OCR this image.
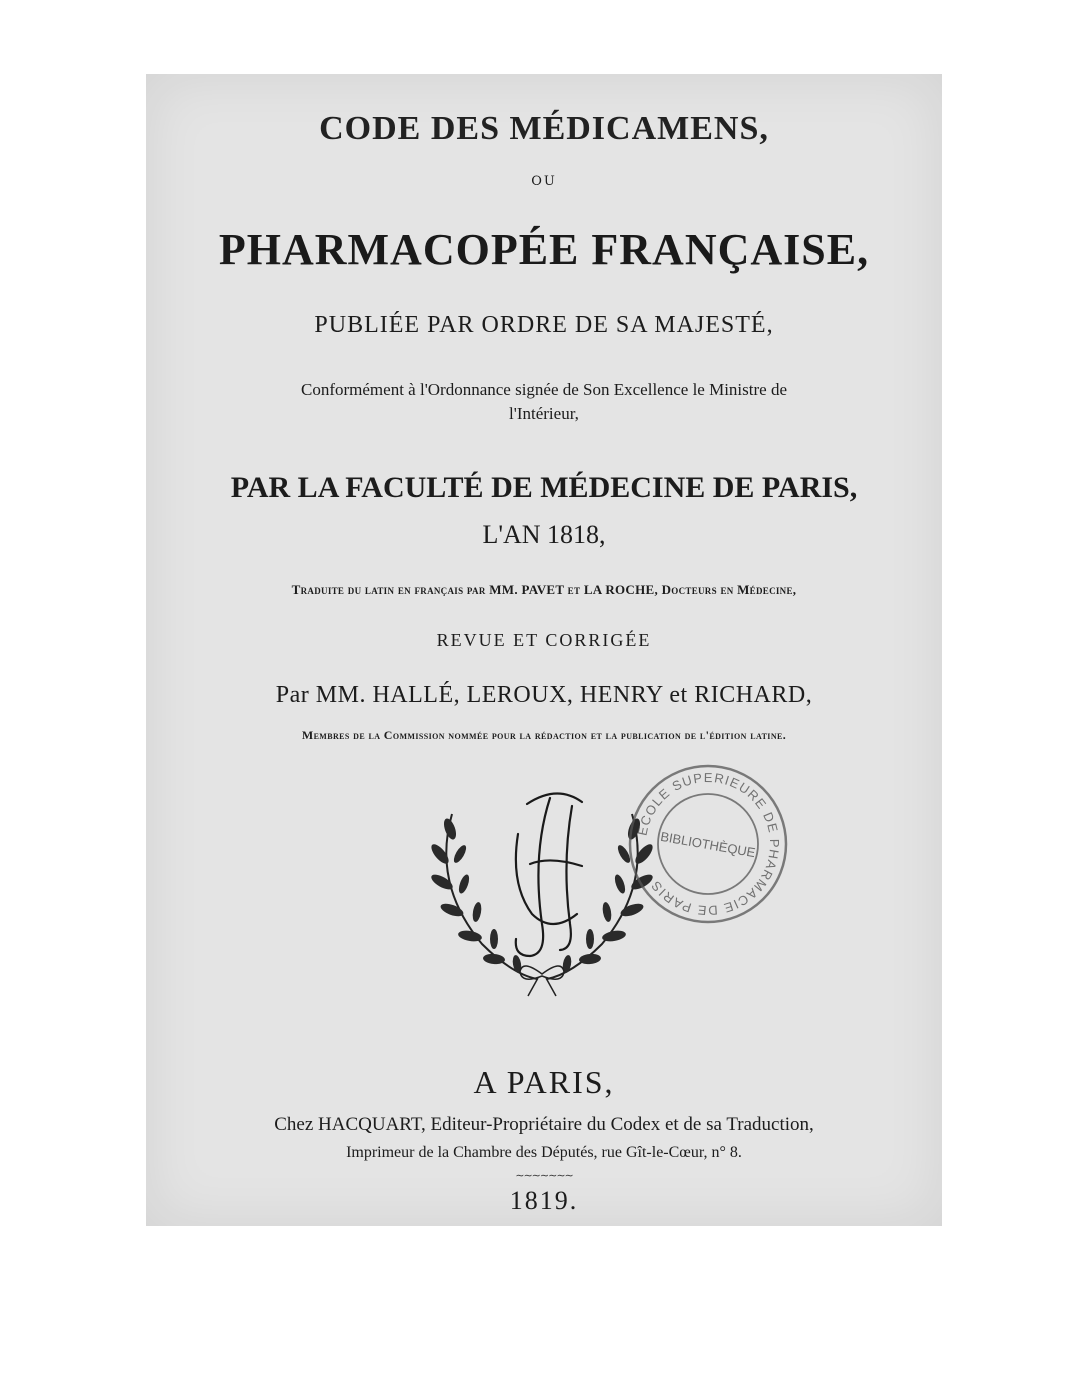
CODE DES MÉDICAMENS,
OU
PHARMACOPÉE FRANÇAISE,
PUBLIÉE PAR ORDRE DE SA MAJESTÉ,
Conformément à l'Ordonnance signée de Son Excellence le Ministre de
l'Intérieur,
PAR LA FACULTÉ DE MÉDECINE DE PARIS,
L'AN 1818,
Traduite du latin en français par MM. PAVET et LA ROCHE, Docteurs en Médecine,
REVUE ET CORRIGÉE
Par MM. HALLÉ, LEROUX, HENRY et RICHARD,
Membres de la Commission nommée pour la rédaction et la publication de l'édition latine.
ECOLE SUPERIEURE DE PHARMACIE DE PARIS
BIBLIOTHÈQUE
A PARIS,
Chez HACQUART, Editeur-Propriétaire du Codex et de sa Traduction,
Imprimeur de la Chambre des Députés, rue Gît-le-Cœur, n° 8.
∼∼∼∼∼∼∼
1819.
